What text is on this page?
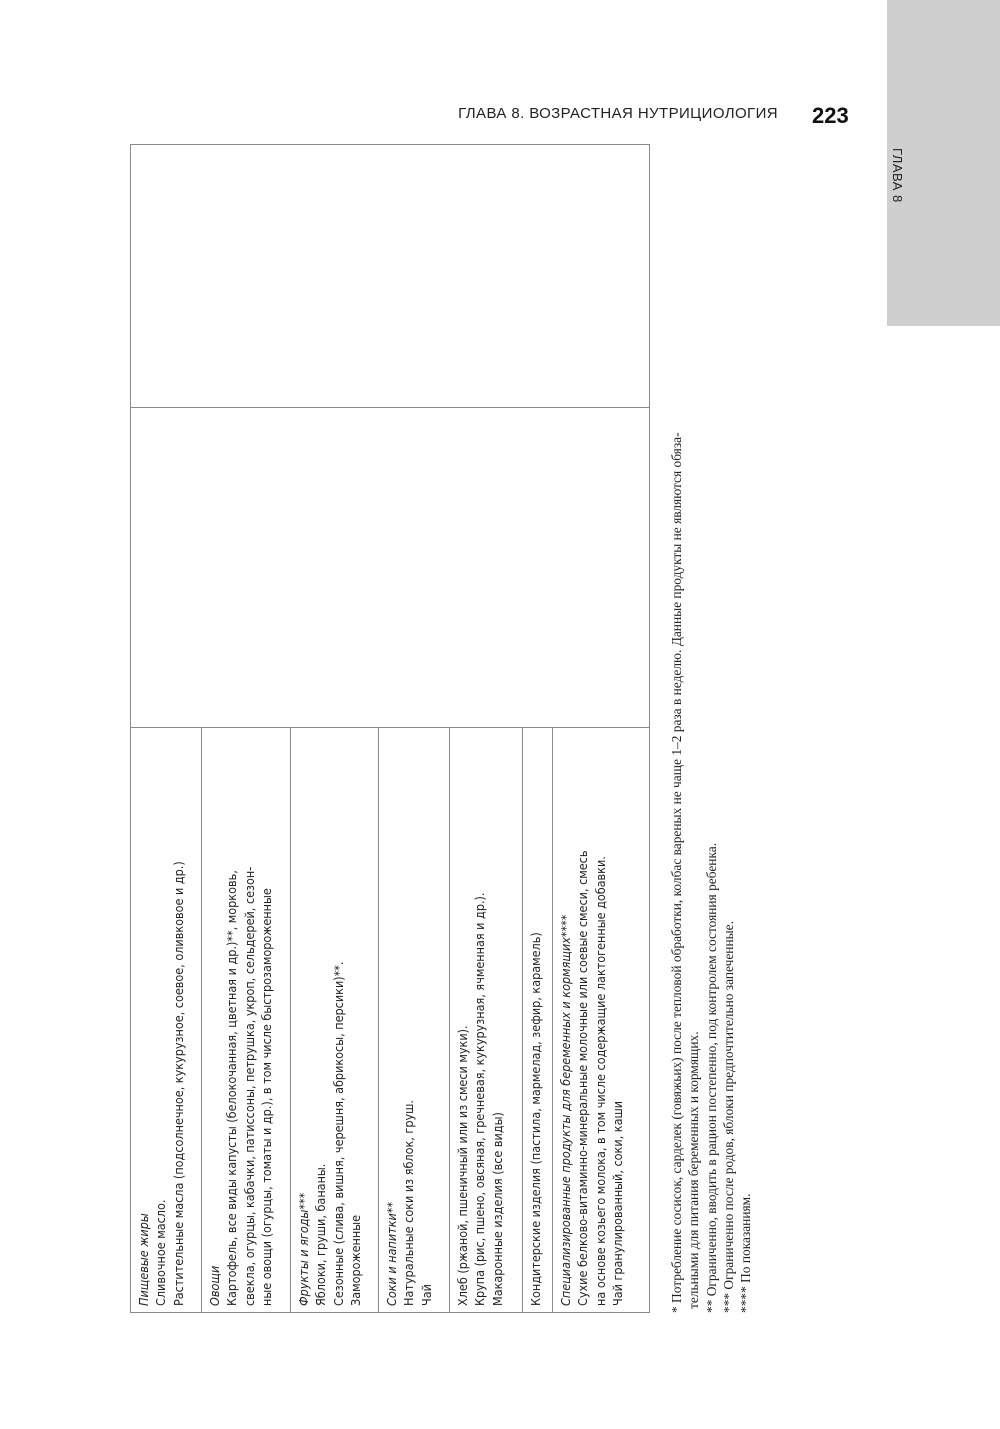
ГЛАВА 8
ГЛАВА 8. ВОЗРАСТНАЯ НУТРИЦИОЛОГИЯ 223
Пищевые жиры Сливочное масло. Растительные масла (подсолнечное, кукурузное, соевое, оливковое и др.)

Овощи Картофель, все виды капусты (белокочанная, цветная и др.)**, морковь, свекла, огурцы, кабачки, патиссоны, петрушка, укроп, сельдерей, сезон- ные овощи (огурцы, томаты и др.), в том числе быстрозамороженные

Фрукты и ягоды*** Яблоки, груши, бананы. Сезонные (слива, вишня, черешня, абрикосы, персики)**. Замороженные

Соки и напитки** Натуральные соки из яблок, груш. Чай

Хлеб (ржаной, пшеничный или из смеси муки). Крупа (рис, пшено, овсяная, гречневая, кукурузная, ячменная и др.). Макаронные изделия (все виды)

Кондитерские изделия (пастила, мармелад, зефир, карамель)

Специализированные продукты для беременных и кормящих**** Сухие белково-витаминно-минеральные молочные или соевые смеси, смесь на основе козьего молока, в том числе содержащие лактогенные добавки. Чай гранулированный, соки, каши	* Потребление сосисок, сарделек (говяжьих) после тепловой обработки, колбас вареных не чаще 1–2 раза в неделю. Данные продукты не являются обяза- тельными для питания беременных и кормящих. ** Ограниченно, вводить в рацион постепенно, под контролем состояния ребенка. *** Ограниченно после родов, яблоки предпочтительно запеченные. **** По показаниям.
